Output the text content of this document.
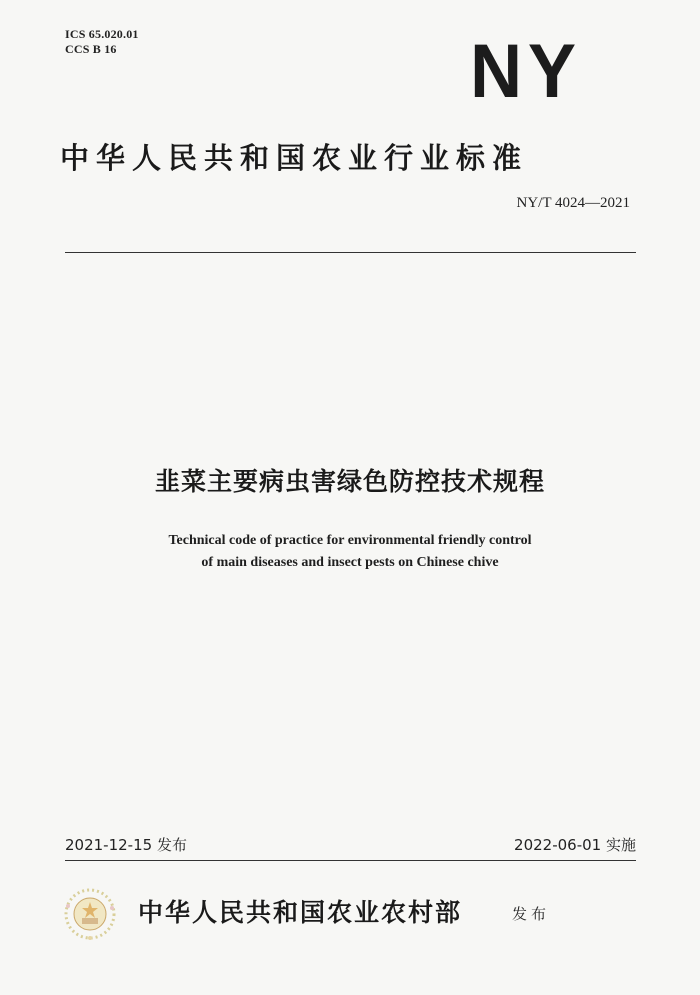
ICS 65.020.01
CCS B 16	NY
中华人民共和国农业行业标准
NY/T 4024—2021
韭菜主要病虫害绿色防控技术规程
Technical code of practice for environmental friendly control
of main diseases and insect pests on Chinese chive
2021-12-15 发布	2022-06-01 实施
中华人民共和国农业农村部	发布
